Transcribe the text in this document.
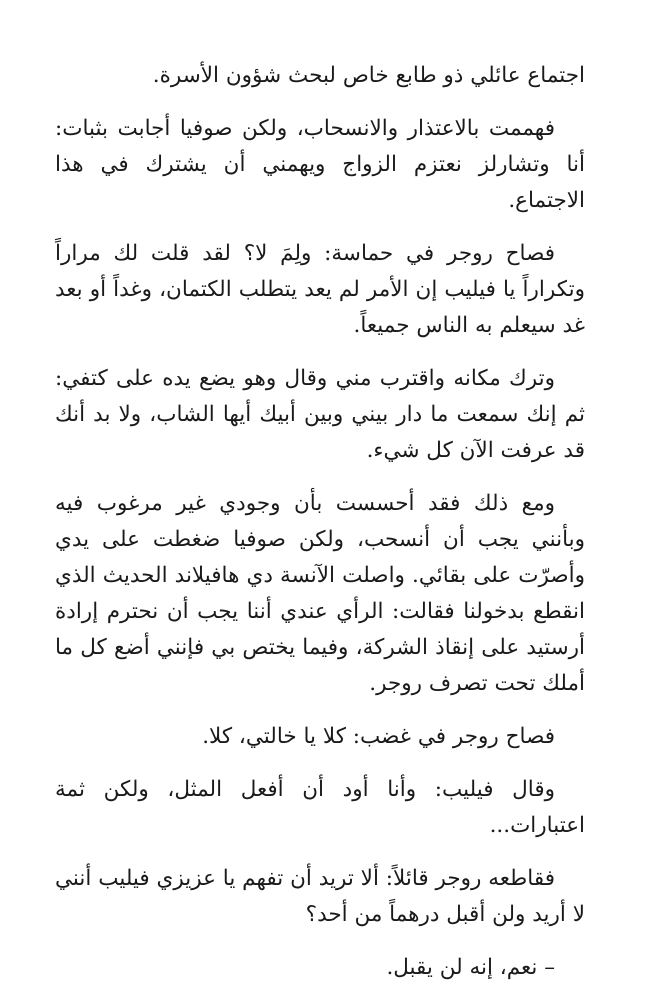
اجتماع عائلي ذو طابع خاص لبحث شؤون الأسرة.

فهممت بالاعتذار والانسحاب، ولكن صوفيا أجابت بثبات: أنا وتشارلز نعتزم الزواج ويهمني أن يشترك في هذا الاجتماع.

فصاح روجر في حماسة: ولِمَ لا؟ لقد قلت لك مراراً وتكراراً يا فيليب إن الأمر لم يعد يتطلب الكتمان، وغداً أو بعد غد سيعلم به الناس جميعاً.

وترك مكانه واقترب مني وقال وهو يضع يده على كتفي: ثم إنك سمعت ما دار بيني وبين أبيك أيها الشاب، ولا بد أنك قد عرفت الآن كل شيء.

ومع ذلك فقد أحسست بأن وجودي غير مرغوب فيه وبأنني يجب أن أنسحب، ولكن صوفيا ضغطت على يدي وأصرّت على بقائي. واصلت الآنسة دي هافيلاند الحديث الذي انقطع بدخولنا فقالت: الرأي عندي أننا يجب أن نحترم إرادة أرستيد على إنقاذ الشركة، وفيما يختص بي فإنني أضع كل ما أملك تحت تصرف روجر.

فصاح روجر في غضب: كلا يا خالتي، كلا.

وقال فيليب: وأنا أود أن أفعل المثل، ولكن ثمة اعتبارات...

فقاطعه روجر قائلاً: ألا تريد أن تفهم يا عزيزي فيليب أنني لا أريد ولن أقبل درهماً من أحد؟

– نعم، إنه لن يقبل.
